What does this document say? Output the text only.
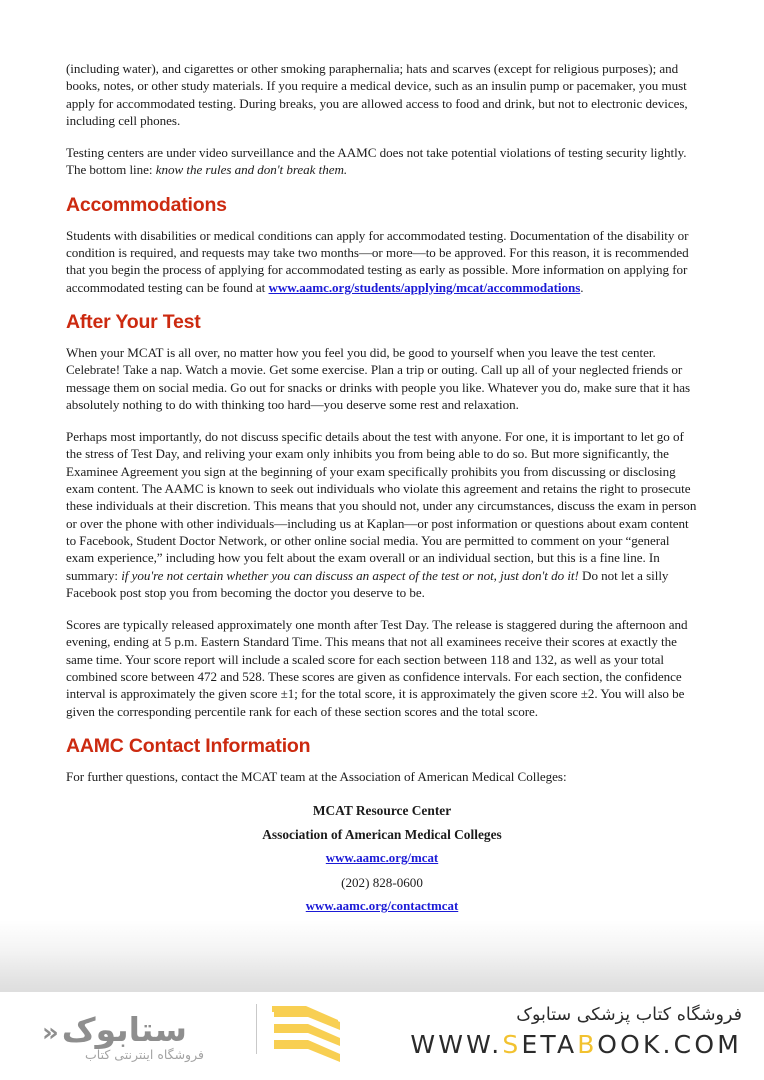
(including water), and cigarettes or other smoking paraphernalia; hats and scarves (except for religious purposes); and books, notes, or other study materials. If you require a medical device, such as an insulin pump or pacemaker, you must apply for accommodated testing. During breaks, you are allowed access to food and drink, but not to electronic devices, including cell phones.

Testing centers are under video surveillance and the AAMC does not take potential violations of testing security lightly. The bottom line: know the rules and don't break them.

Accommodations

Students with disabilities or medical conditions can apply for accommodated testing. Documentation of the disability or condition is required, and requests may take two months—or more—to be approved. For this reason, it is recommended that you begin the process of applying for accommodated testing as early as possible. More information on applying for accommodated testing can be found at www.aamc.org/students/applying/mcat/accommodations.

After Your Test

When your MCAT is all over, no matter how you feel you did, be good to yourself when you leave the test center. Celebrate! Take a nap. Watch a movie. Get some exercise. Plan a trip or outing. Call up all of your neglected friends or message them on social media. Go out for snacks or drinks with people you like. Whatever you do, make sure that it has absolutely nothing to do with thinking too hard—you deserve some rest and relaxation.

Perhaps most importantly, do not discuss specific details about the test with anyone. For one, it is important to let go of the stress of Test Day, and reliving your exam only inhibits you from being able to do so. But more significantly, the Examinee Agreement you sign at the beginning of your exam specifically prohibits you from discussing or disclosing exam content. The AAMC is known to seek out individuals who violate this agreement and retains the right to prosecute these individuals at their discretion. This means that you should not, under any circumstances, discuss the exam in person or over the phone with other individuals—including us at Kaplan—or post information or questions about exam content to Facebook, Student Doctor Network, or other online social media. You are permitted to comment on your “general exam experience,” including how you felt about the exam overall or an individual section, but this is a fine line. In summary: if you're not certain whether you can discuss an aspect of the test or not, just don't do it! Do not let a silly Facebook post stop you from becoming the doctor you deserve to be.

Scores are typically released approximately one month after Test Day. The release is staggered during the afternoon and evening, ending at 5 p.m. Eastern Standard Time. This means that not all examinees receive their scores at exactly the same time. Your score report will include a scaled score for each section between 118 and 132, as well as your total combined score between 472 and 528. These scores are given as confidence intervals. For each section, the confidence interval is approximately the given score ±1; for the total score, it is approximately the given score ±2. You will also be given the corresponding percentile rank for each of these section scores and the total score.

AAMC Contact Information

For further questions, contact the MCAT team at the Association of American Medical Colleges:

MCAT Resource Center
Association of American Medical Colleges
www.aamc.org/mcat
(202) 828-0600
www.aamc.org/contactmcat
ستابوک
«
فروشگاه اینترنتی کتاب
فروشگاه کتاب پزشکی ستابوک
WWW.SETABOOK.COM
